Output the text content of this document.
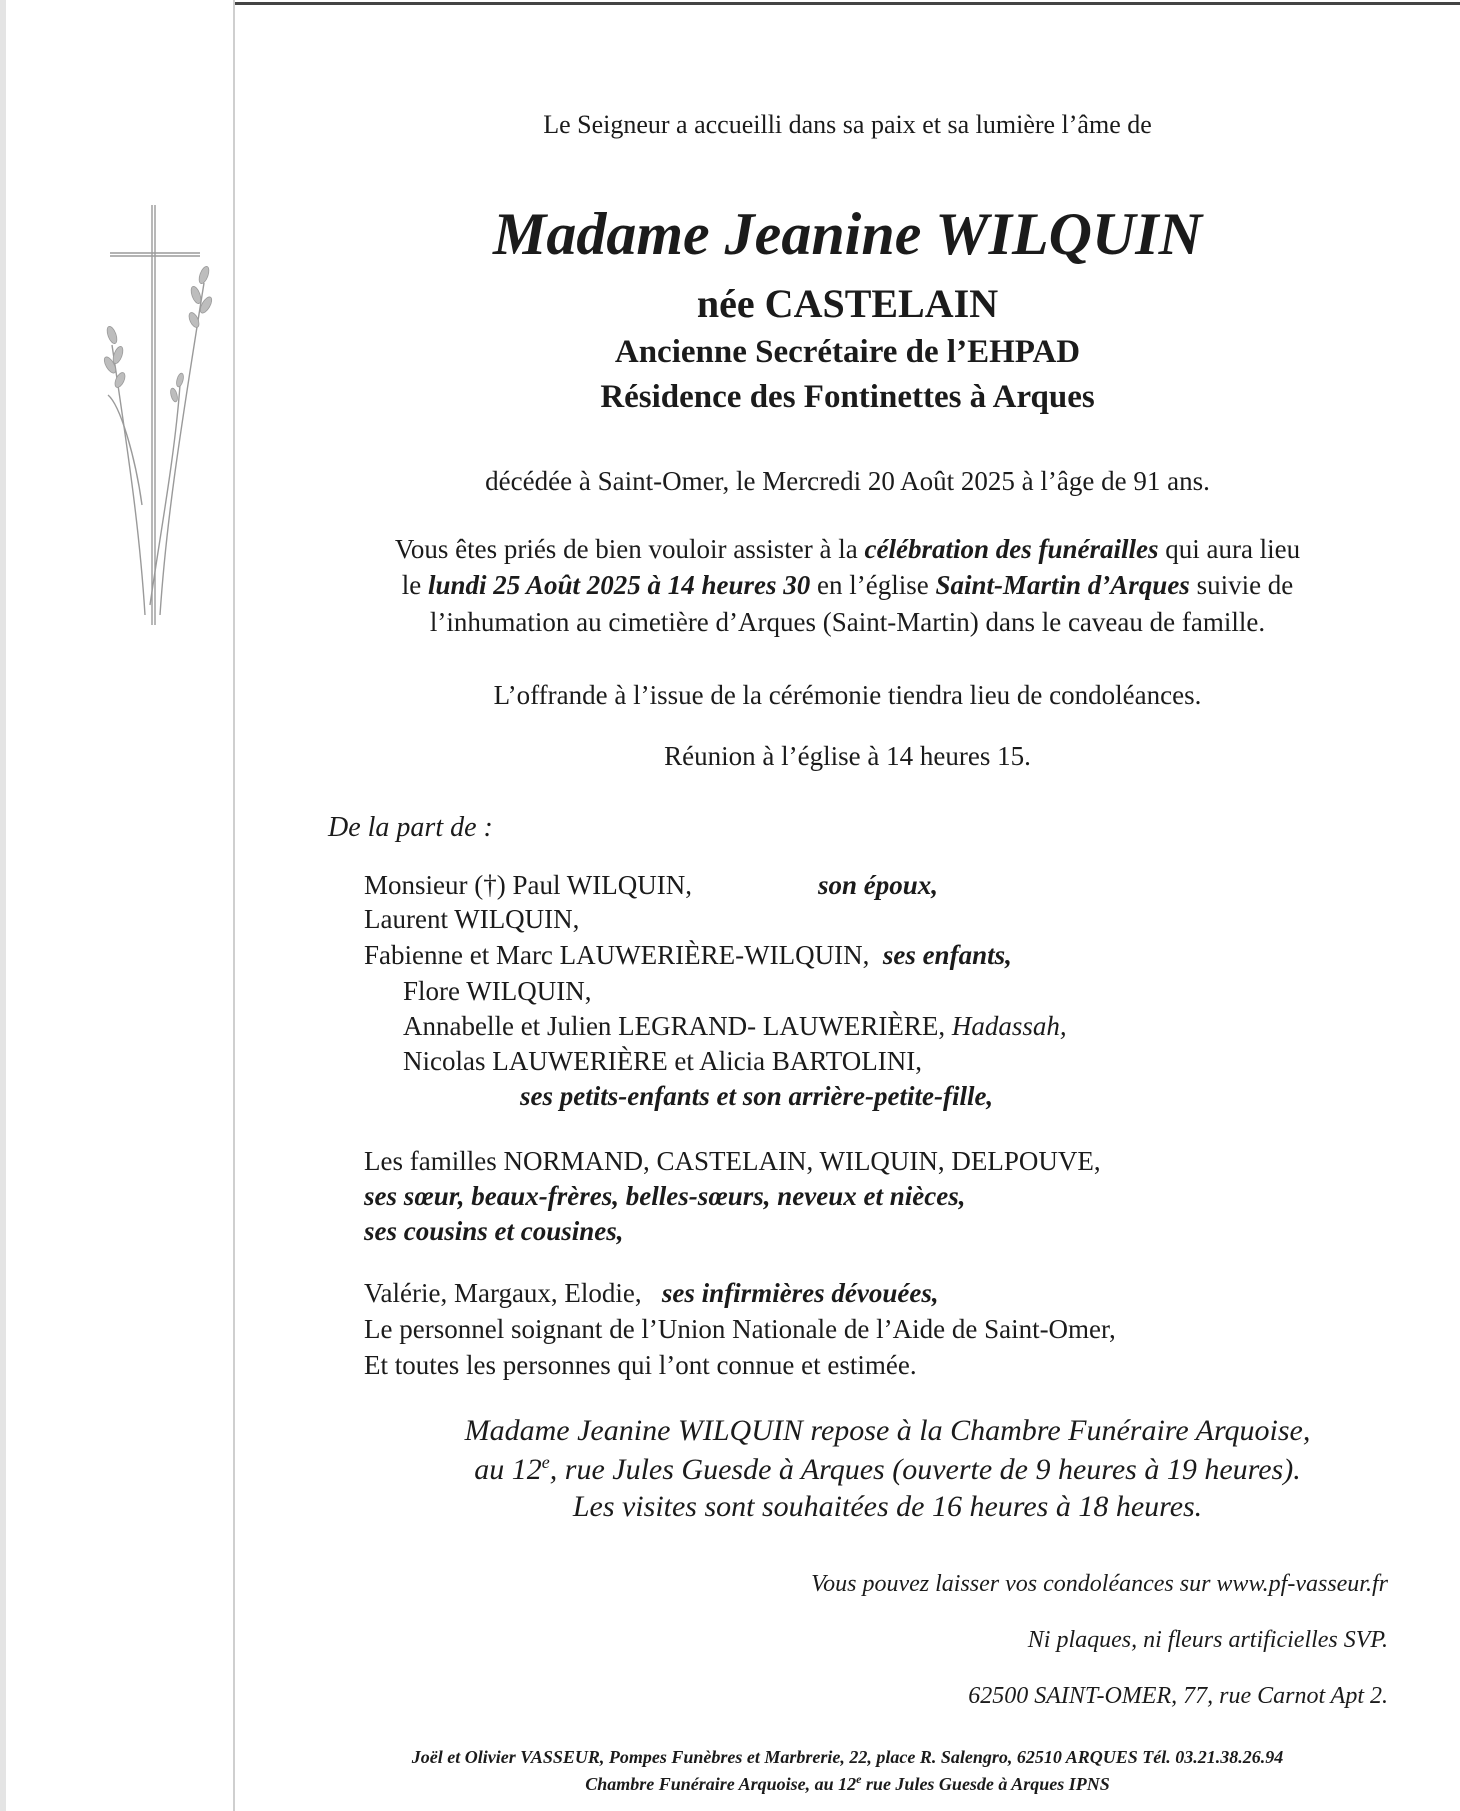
Le Seigneur a accueilli dans sa paix et sa lumière l’âme de
Madame Jeanine WILQUIN
née CASTELAIN
Ancienne Secrétaire de l’EHPAD
Résidence des Fontinettes à Arques
décédée à Saint-Omer, le Mercredi 20 Août 2025 à l’âge de 91 ans.
Vous êtes priés de bien vouloir assister à la célébration des funérailles qui aura lieu
le lundi 25 Août 2025 à 14 heures 30 en l’église Saint-Martin d’Arques suivie de
l’inhumation au cimetière d’Arques (Saint-Martin) dans le caveau de famille.
L’offrande à l’issue de la cérémonie tiendra lieu de condoléances.
Réunion à l’église à 14 heures 15.
De la part de :
Monsieur (†) Paul WILQUIN,	son époux,
Laurent WILQUIN,
Fabienne et Marc LAUWERIÈRE-WILQUIN, ses enfants,
Flore WILQUIN,
Annabelle et Julien LEGRAND- LAUWERIÈRE, Hadassah,
Nicolas LAUWERIÈRE et Alicia BARTOLINI,
ses petits-enfants et son arrière-petite-fille,
Les familles NORMAND, CASTELAIN, WILQUIN, DELPOUVE,
ses sœur, beaux-frères, belles-sœurs, neveux et nièces,
ses cousins et cousines,
Valérie, Margaux, Elodie, ses infirmières dévouées,
Le personnel soignant de l’Union Nationale de l’Aide de Saint-Omer,
Et toutes les personnes qui l’ont connue et estimée.
Madame Jeanine WILQUIN repose à la Chambre Funéraire Arquoise,
au 12e, rue Jules Guesde à Arques (ouverte de 9 heures à 19 heures).
Les visites sont souhaitées de 16 heures à 18 heures.
Vous pouvez laisser vos condoléances sur www.pf-vasseur.fr
Ni plaques, ni fleurs artificielles SVP.
62500 SAINT-OMER, 77, rue Carnot Apt 2.
Joël et Olivier VASSEUR, Pompes Funèbres et Marbrerie, 22, place R. Salengro, 62510 ARQUES Tél. 03.21.38.26.94
Chambre Funéraire Arquoise, au 12e rue Jules Guesde à Arques IPNS
